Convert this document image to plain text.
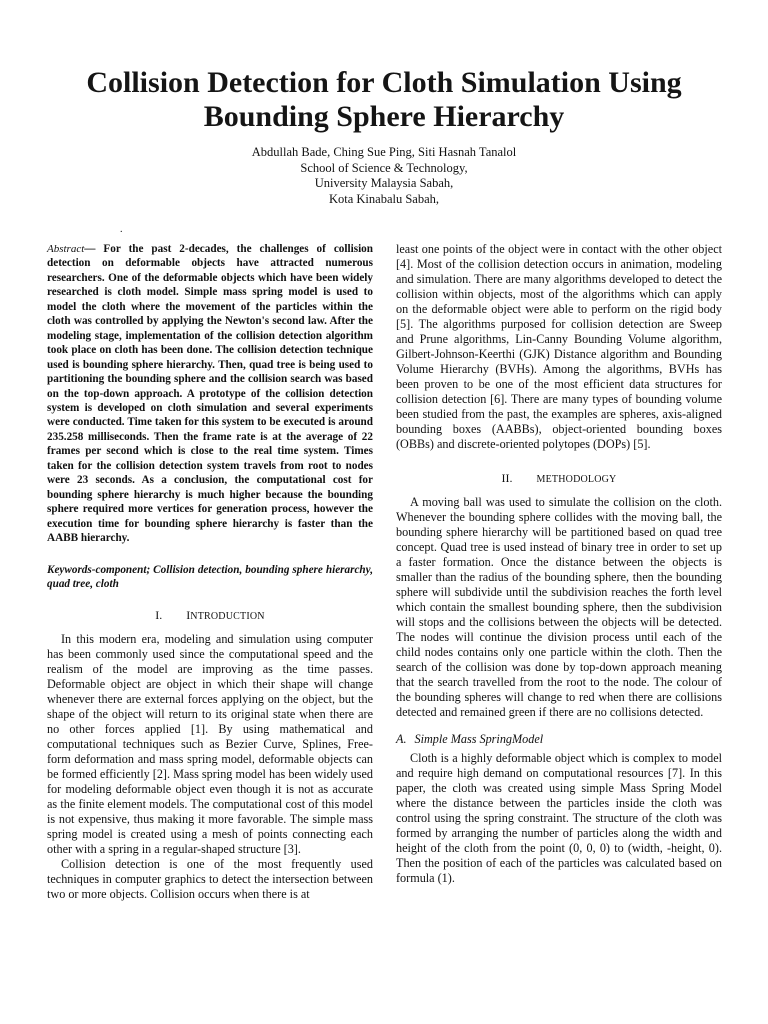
Collision Detection for Cloth Simulation Using Bounding Sphere Hierarchy
Abdullah Bade, Ching Sue Ping, Siti Hasnah Tanalol
School of Science & Technology,
University Malaysia Sabah,
Kota Kinabalu Sabah,
.

Abstract— For the past 2-decades, the challenges of collision detection on deformable objects have attracted numerous researchers. One of the deformable objects which have been widely researched is cloth model. Simple mass spring model is used to model the cloth where the movement of the particles within the cloth was controlled by applying the Newton's second law. After the modeling stage, implementation of the collision detection algorithm took place on cloth has been done. The collision detection technique used is bounding sphere hierarchy. Then, quad tree is being used to partitioning the bounding sphere and the collision search was based on the top-down approach. A prototype of the collision detection system is developed on cloth simulation and several experiments were conducted. Time taken for this system to be executed is around 235.258 milliseconds. Then the frame rate is at the average of 22 frames per second which is close to the real time system. Times taken for the collision detection system travels from root to nodes were 23 seconds. As a conclusion, the computational cost for bounding sphere hierarchy is much higher because the bounding sphere required more vertices for generation process, however the execution time for bounding sphere hierarchy is faster than the AABB hierarchy.

Keywords-component; Collision detection, bounding sphere hierarchy, quad tree, cloth

I. INTRODUCTION

In this modern era, modeling and simulation using computer has been commonly used since the computational speed and the realism of the model are improving as the time passes. Deformable object are object in which their shape will change whenever there are external forces applying on the object, but the shape of the object will return to its original state when there are no other forces applied [1]. By using mathematical and computational techniques such as Bezier Curve, Splines, Free-form deformation and mass spring model, deformable objects can be formed efficiently [2]. Mass spring model has been widely used for modeling deformable object even though it is not as accurate as the finite element models. The computational cost of this model is not expensive, thus making it more favorable. The simple mass spring model is created using a mesh of points connecting each other with a spring in a regular-shaped structure [3].

Collision detection is one of the most frequently used techniques in computer graphics to detect the intersection between two or more objects. Collision occurs when there is at

least one points of the object were in contact with the other object [4]. Most of the collision detection occurs in animation, modeling and simulation. There are many algorithms developed to detect the collision within objects, most of the algorithms which can apply on the deformable object were able to perform on the rigid body [5]. The algorithms purposed for collision detection are Sweep and Prune algorithms, Lin-Canny Bounding Volume algorithm, Gilbert-Johnson-Keerthi (GJK) Distance algorithm and Bounding Volume Hierarchy (BVHs). Among the algorithms, BVHs has been proven to be one of the most efficient data structures for collision detection [6]. There are many types of bounding volume been studied from the past, the examples are spheres, axis-aligned bounding boxes (AABBs), object-oriented bounding boxes (OBBs) and discrete-oriented polytopes (DOPs) [5].

II. METHODOLOGY

A moving ball was used to simulate the collision on the cloth. Whenever the bounding sphere collides with the moving ball, the bounding sphere hierarchy will be partitioned based on quad tree concept. Quad tree is used instead of binary tree in order to set up a faster formation. Once the distance between the objects is smaller than the radius of the bounding sphere, then the bounding sphere will subdivide until the subdivision reaches the forth level which contain the smallest bounding sphere, then the subdivision will stops and the collisions between the objects will be detected. The nodes will continue the division process until each of the child nodes contains only one particle within the cloth. Then the search of the collision was done by top-down approach meaning that the search travelled from the root to the node. The colour of the bounding spheres will change to red when there are collisions detected and remained green if there are no collisions detected.

A. Simple Mass SpringModel

Cloth is a highly deformable object which is complex to model and require high demand on computational resources [7]. In this paper, the cloth was created using simple Mass Spring Model where the distance between the particles inside the cloth was control using the spring constraint. The structure of the cloth was formed by arranging the number of particles along the width and height of the cloth from the point (0, 0, 0) to (width, -height, 0). Then the position of each of the particles was calculated based on formula (1).
